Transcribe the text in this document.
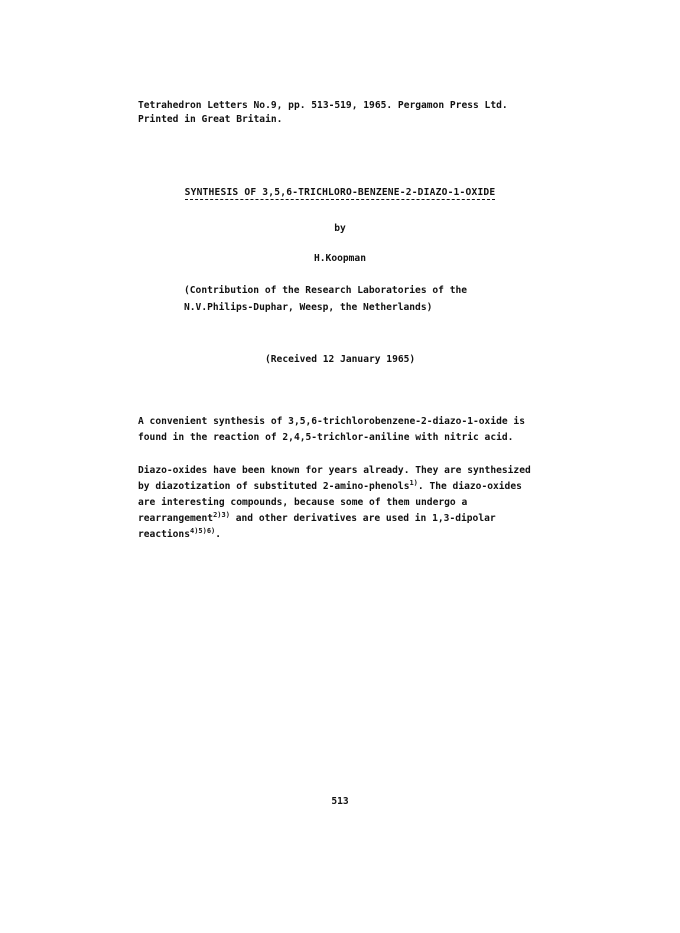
Tetrahedron Letters No.9, pp. 513-519, 1965. Pergamon Press Ltd.
Printed in Great Britain.
SYNTHESIS OF 3,5,6-TRICHLORO-BENZENE-2-DIAZO-1-OXIDE
by
H.Koopman
(Contribution of the Research Laboratories of the
N.V.Philips-Duphar, Weesp, the Netherlands)
(Received 12 January 1965)
A convenient synthesis of 3,5,6-trichlorobenzene-2-diazo-1-oxide is
found in the reaction of 2,4,5-trichlor-aniline with nitric acid.
Diazo-oxides have been known for years already. They are synthesized
by diazotization of substituted 2-amino-phenols$^{1)}$. The diazo-oxides
are interesting compounds, because some of them undergo a
rearrangement$^{2)3)}$ and other derivatives are used in 1,3-dipolar
reactions$^{4)5)6)}$.
513
